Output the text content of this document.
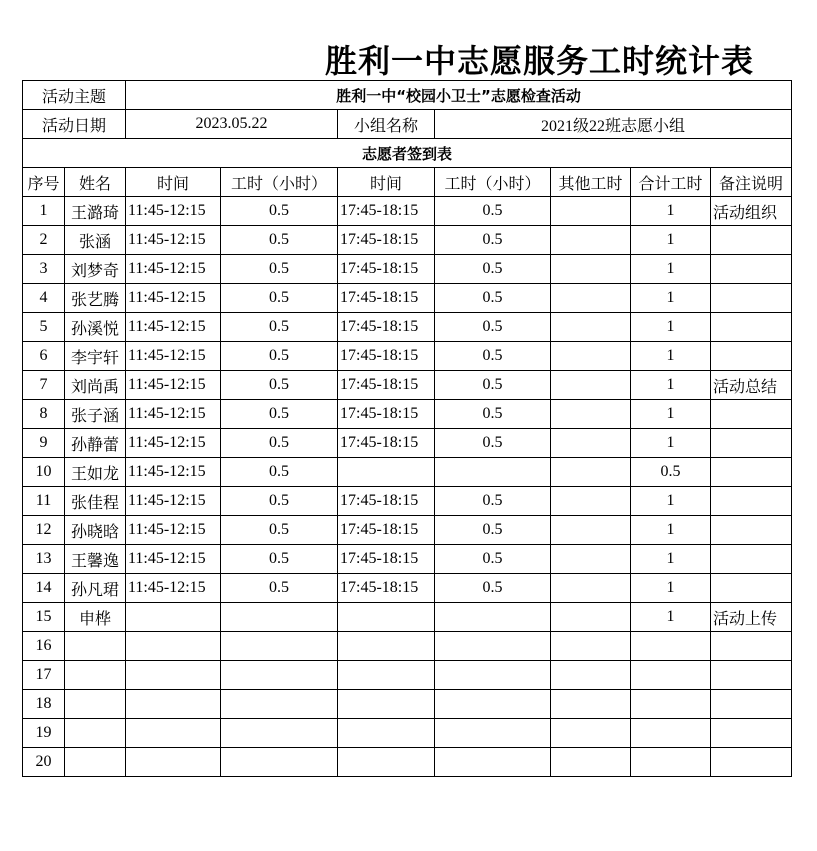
胜利一中志愿服务工时统计表
活动主题		胜利一中“校园小卫士”志愿检查活动						
活动日期		2023.05.22		小组名称	2021级22班志愿小组			
志愿者签到表								
序号	姓名	时间	工时（小时）	时间	工时（小时）	其他工时	合计工时	备注说明
1	王潞琦	11:45-12:15	0.5	17:45-18:15	0.5		1	活动组织
2	张涵	11:45-12:15	0.5	17:45-18:15	0.5		1	
3	刘梦奇	11:45-12:15	0.5	17:45-18:15	0.5		1	
4	张艺腾	11:45-12:15	0.5	17:45-18:15	0.5		1	
5	孙溪悦	11:45-12:15	0.5	17:45-18:15	0.5		1	
6	李宇轩	11:45-12:15	0.5	17:45-18:15	0.5		1	
7	刘尚禹	11:45-12:15	0.5	17:45-18:15	0.5		1	活动总结
8	张子涵	11:45-12:15	0.5	17:45-18:15	0.5		1	
9	孙静蕾	11:45-12:15	0.5	17:45-18:15	0.5		1	
10	王如龙	11:45-12:15	0.5				0.5	
11	张佳程	11:45-12:15	0.5	17:45-18:15	0.5		1	
12	孙晓晗	11:45-12:15	0.5	17:45-18:15	0.5		1	
13	王馨逸	11:45-12:15	0.5	17:45-18:15	0.5		1	
14	孙凡珺	11:45-12:15	0.5	17:45-18:15	0.5		1	
15	申桦						1	活动上传
16								
17								
18								
19								
20								
